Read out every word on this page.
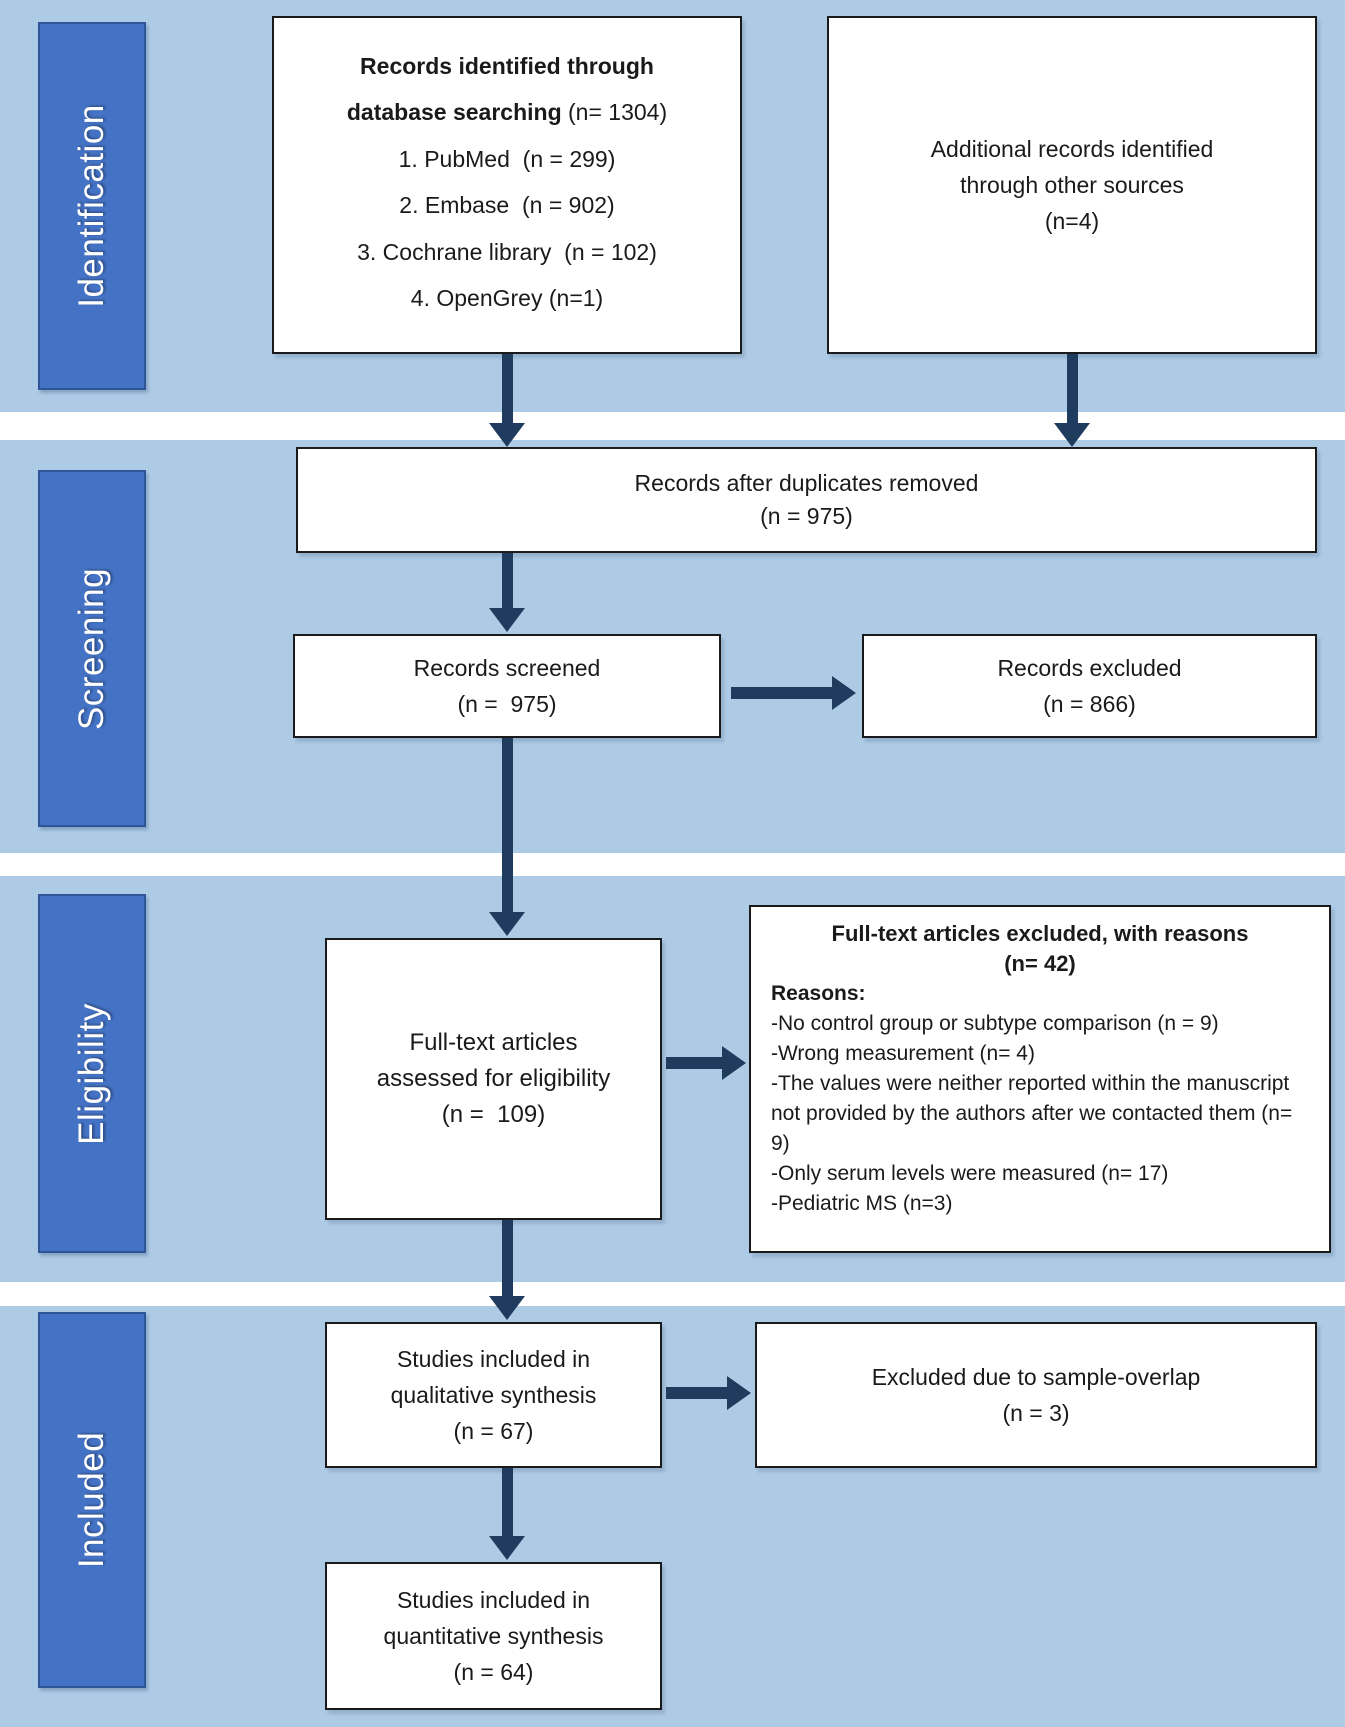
Identification
Screening
Eligibility
Included
Records identified through
database searching (n= 1304)
1. PubMed  (n = 299)
2. Embase  (n = 902)
3. Cochrane library  (n = 102)
4. OpenGrey (n=1)
Additional records identified
through other sources
(n=4)
Records after duplicates removed
(n = 975)
Records screened
(n =  975)
Records excluded
(n = 866)
Full-text articles
assessed for eligibility
(n =  109)
Full-text articles excluded, with reasons
(n= 42)
Reasons:
-No control group or subtype comparison (n = 9)
-Wrong measurement (n= 4)
-The values were neither reported within the manuscript not provided by the authors after we contacted them (n= 9)
-Only serum levels were measured (n= 17)
-Pediatric MS (n=3)
Studies included in
qualitative synthesis
(n = 67)
Excluded due to sample-overlap
(n = 3)
Studies included in
quantitative synthesis
(n = 64)
